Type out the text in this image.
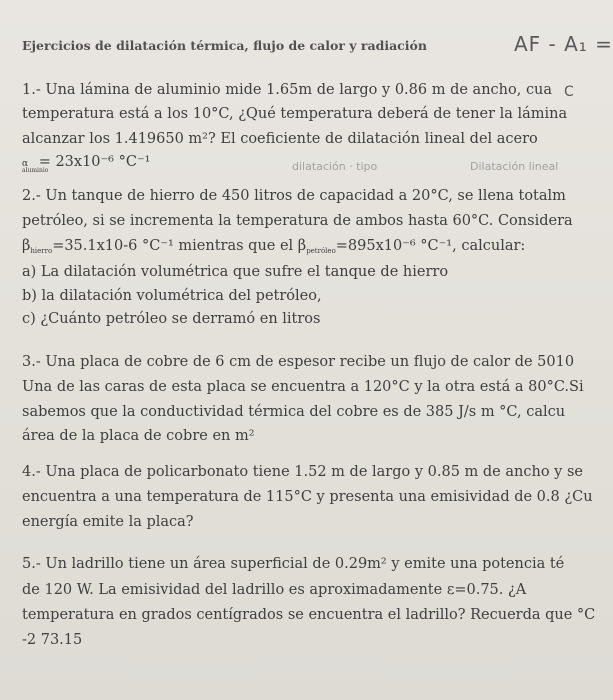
Ejercicios de dilatación térmica, flujo de calor y radiación	AF - A₁ =
C
1.- Una lámina de aluminio mide 1.65m de largo y 0.86 m de ancho, cua
temperatura está a los 10°C, ¿Qué temperatura deberá de tener la lámina
alcanzar los 1.419650 m²? El coeficiente de dilatación lineal del acero
α
aluminio
= 23x10⁻⁶ °C⁻¹	dilatación · tipo	Dilatación lineal
2.- Un tanque de hierro de 450 litros de capacidad a 20°C, se llena totalm
petróleo, si se incrementa la temperatura de ambos hasta 60°C. Considera
$\beta_{hierro}=35.1x10-6$ °C⁻¹ mientras que el $\beta_{petróleo}=895x10^{-6}$ °C⁻¹, calcular:
a) La dilatación volumétrica que sufre el tanque de hierro
b) la dilatación volumétrica del petróleo,
c) ¿Cuánto petróleo se derramó en litros
3.- Una placa de cobre de 6 cm de espesor recibe un flujo de calor de 5010
Una de las caras de esta placa se encuentra a 120°C y la otra está a 80°C.Si
sabemos que la conductividad térmica del cobre es de 385 J/s m °C, calcu
área de la placa de cobre en m²
4.- Una placa de policarbonato tiene 1.52 m de largo y 0.85 m de ancho y se
encuentra a una temperatura de 115°C y presenta una emisividad de 0.8 ¿Cu
energía emite la placa?
5.- Un ladrillo tiene un área superficial de 0.29m² y emite una potencia té
de 120 W. La emisividad del ladrillo es aproximadamente ε=0.75. ¿A
temperatura en grados centígrados se encuentra el ladrillo? Recuerda que °C
-2 73.15
